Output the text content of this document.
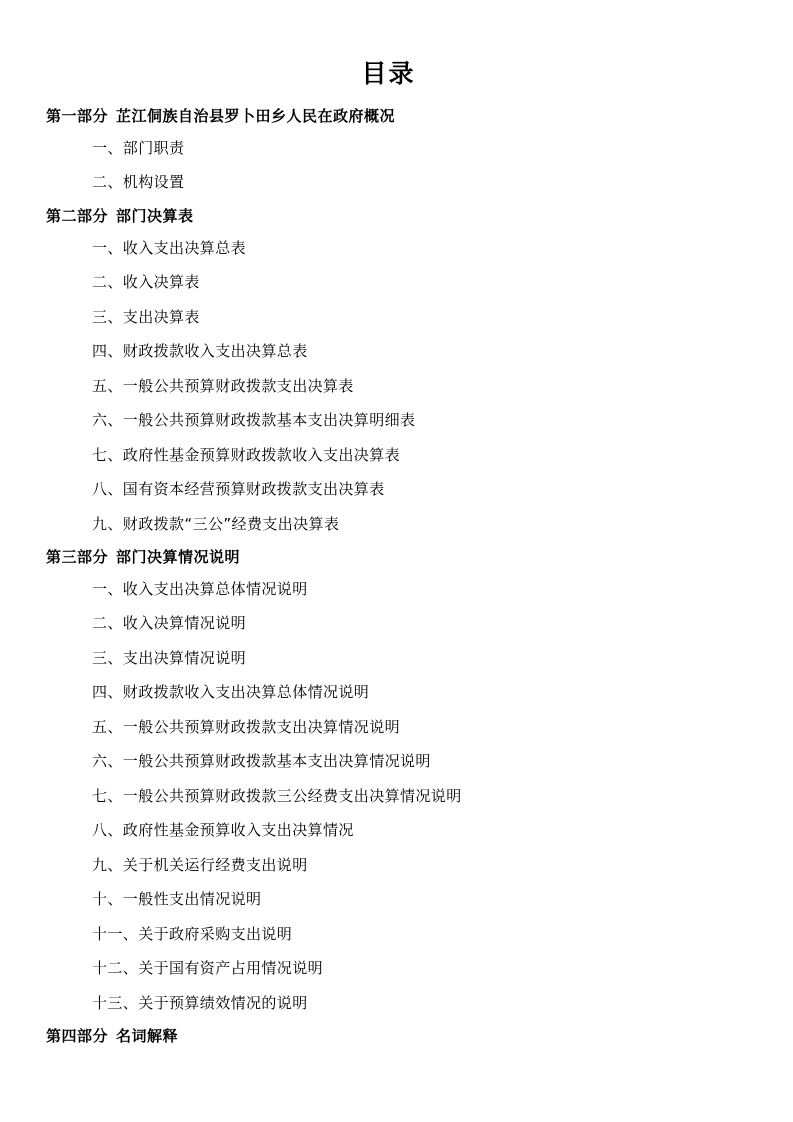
目录
第一部分 芷江侗族自治县罗卜田乡人民在政府概况
一、部门职责
二、机构设置
第二部分 部门决算表
一、收入支出决算总表
二、收入决算表
三、支出决算表
四、财政拨款收入支出决算总表
五、一般公共预算财政拨款支出决算表
六、一般公共预算财政拨款基本支出决算明细表
七、政府性基金预算财政拨款收入支出决算表
八、国有资本经营预算财政拨款支出决算表
九、财政拨款“三公”经费支出决算表
第三部分 部门决算情况说明
一、收入支出决算总体情况说明
二、收入决算情况说明
三、支出决算情况说明
四、财政拨款收入支出决算总体情况说明
五、一般公共预算财政拨款支出决算情况说明
六、一般公共预算财政拨款基本支出决算情况说明
七、一般公共预算财政拨款三公经费支出决算情况说明
八、政府性基金预算收入支出决算情况
九、关于机关运行经费支出说明
十、一般性支出情况说明
十一、关于政府采购支出说明
十二、关于国有资产占用情况说明
十三、关于预算绩效情况的说明
第四部分 名词解释
